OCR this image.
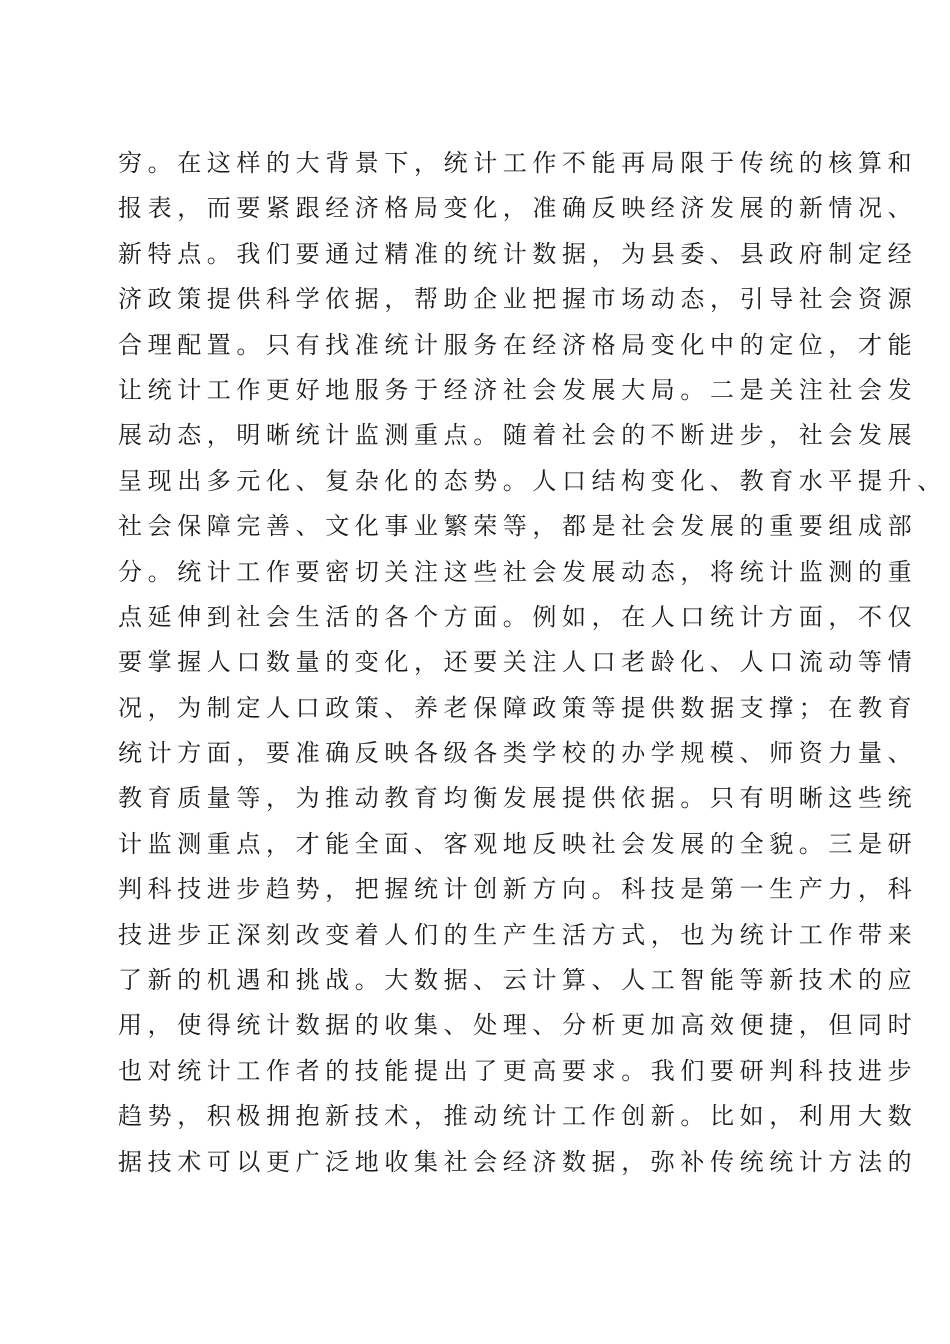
穷。在这样的大背景下，统计工作不能再局限于传统的核算和
报表，而要紧跟经济格局变化，准确反映经济发展的新情况、
新特点。我们要通过精准的统计数据，为县委、县政府制定经
济政策提供科学依据，帮助企业把握市场动态，引导社会资源
合理配置。只有找准统计服务在经济格局变化中的定位，才能
让统计工作更好地服务于经济社会发展大局。二是关注社会发
展动态，明晰统计监测重点。随着社会的不断进步，社会发展
呈现出多元化、复杂化的态势。人口结构变化、教育水平提升、
社会保障完善、文化事业繁荣等，都是社会发展的重要组成部
分。统计工作要密切关注这些社会发展动态，将统计监测的重
点延伸到社会生活的各个方面。例如，在人口统计方面，不仅
要掌握人口数量的变化，还要关注人口老龄化、人口流动等情
况，为制定人口政策、养老保障政策等提供数据支撑；在教育
统计方面，要准确反映各级各类学校的办学规模、师资力量、
教育质量等，为推动教育均衡发展提供依据。只有明晰这些统
计监测重点，才能全面、客观地反映社会发展的全貌。三是研
判科技进步趋势，把握统计创新方向。科技是第一生产力，科
技进步正深刻改变着人们的生产生活方式，也为统计工作带来
了新的机遇和挑战。大数据、云计算、人工智能等新技术的应
用，使得统计数据的收集、处理、分析更加高效便捷，但同时
也对统计工作者的技能提出了更高要求。我们要研判科技进步
趋势，积极拥抱新技术，推动统计工作创新。比如，利用大数
据技术可以更广泛地收集社会经济数据，弥补传统统计方法的
